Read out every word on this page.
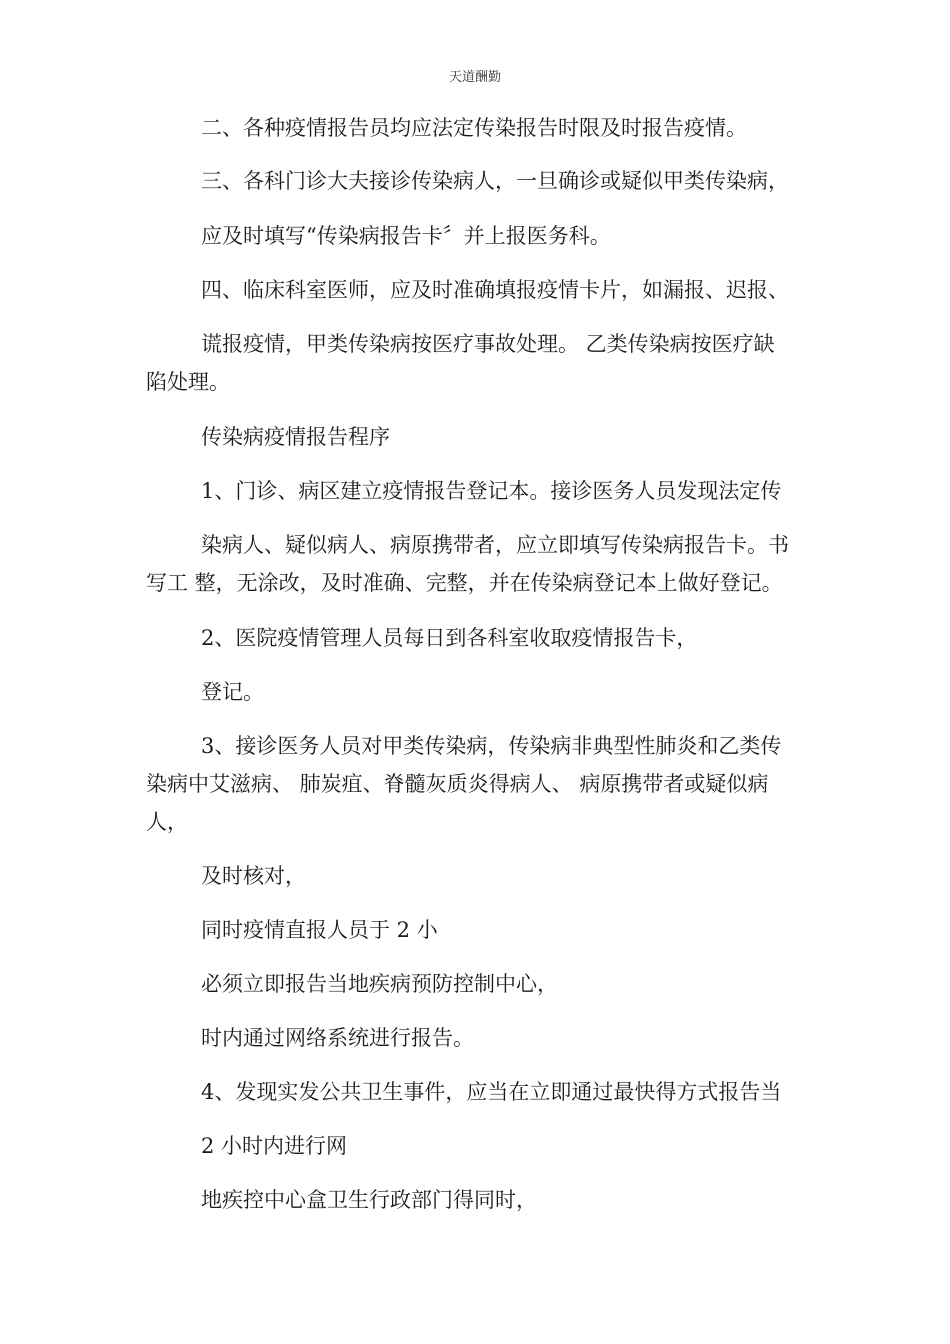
天道酬勤
二、各种疫情报告员均应法定传染报告时限及时报告疫情。
三、各科门诊大夫接诊传染病人，一旦确诊或疑似甲类传染病，
应及时填写“传染病报告卡〞并上报医务科。
四、临床科室医师，应及时准确填报疫情卡片，如漏报、迟报、
谎报疫情，甲类传染病按医疗事故处理。 乙类传染病按医疗缺
陷处理。
传染病疫情报告程序
1、门诊、病区建立疫情报告登记本。接诊医务人员发现法定传
染病人、疑似病人、病原携带者，应立即填写传染病报告卡。书
写工 整，无涂改，及时准确、完整，并在传染病登记本上做好登记。
2、医院疫情管理人员每日到各科室收取疫情报告卡，
登记。
3、接诊医务人员对甲类传染病，传染病非典型性肺炎和乙类传
染病中艾滋病、 肺炭疽、脊髓灰质炎得病人、 病原携带者或疑似病
人，
及时核对，
同时疫情直报人员于 2 小
必须立即报告当地疾病预防控制中心，
时内通过网络系统进行报告。
4、发现实发公共卫生事件，应当在立即通过最快得方式报告当
2 小时内进行网
地疾控中心盒卫生行政部门得同时，
